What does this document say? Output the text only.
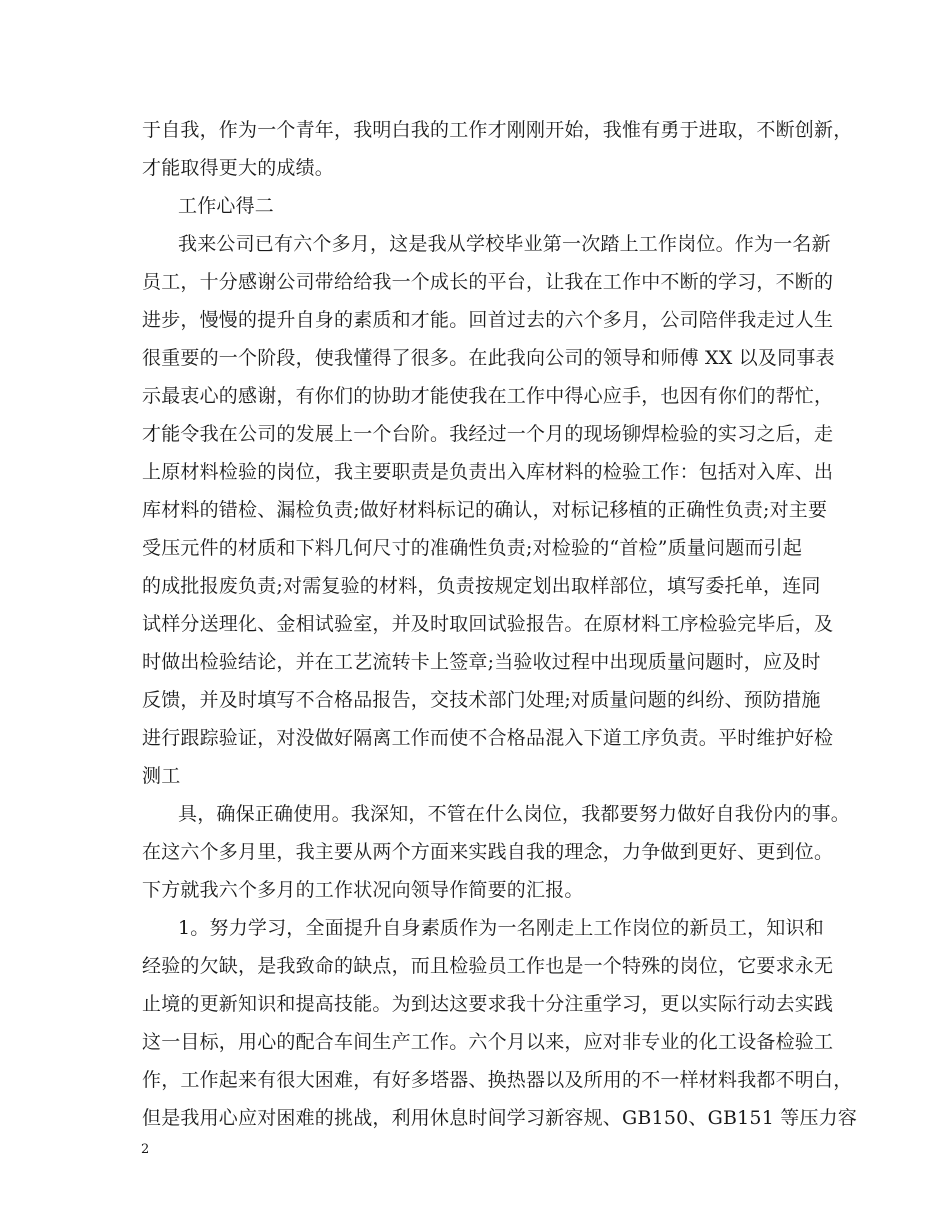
于自我，作为一个青年，我明白我的工作才刚刚开始，我惟有勇于进取，不断创新，
才能取得更大的成绩。
工作心得二
我来公司已有六个多月，这是我从学校毕业第一次踏上工作岗位。作为一名新
员工，十分感谢公司带给给我一个成长的平台，让我在工作中不断的学习，不断的
进步，慢慢的提升自身的素质和才能。回首过去的六个多月，公司陪伴我走过人生
很重要的一个阶段，使我懂得了很多。在此我向公司的领导和师傅 XX 以及同事表
示最衷心的感谢，有你们的协助才能使我在工作中得心应手，也因有你们的帮忙，
才能令我在公司的发展上一个台阶。我经过一个月的现场铆焊检验的实习之后，走
上原材料检验的岗位，我主要职责是负责出入库材料的检验工作：包括对入库、出
库材料的错检、漏检负责;做好材料标记的确认，对标记移植的正确性负责;对主要
受压元件的材质和下料几何尺寸的准确性负责;对检验的“首检”质量问题而引起
的成批报废负责;对需复验的材料，负责按规定划出取样部位，填写委托单，连同
试样分送理化、金相试验室，并及时取回试验报告。在原材料工序检验完毕后，及
时做出检验结论，并在工艺流转卡上签章;当验收过程中出现质量问题时，应及时
反馈，并及时填写不合格品报告，交技术部门处理;对质量问题的纠纷、预防措施
进行跟踪验证，对没做好隔离工作而使不合格品混入下道工序负责。平时维护好检
测工
具，确保正确使用。我深知，不管在什么岗位，我都要努力做好自我份内的事。
在这六个多月里，我主要从两个方面来实践自我的理念，力争做到更好、更到位。
下方就我六个多月的工作状况向领导作简要的汇报。
1。努力学习，全面提升自身素质作为一名刚走上工作岗位的新员工，知识和
经验的欠缺，是我致命的缺点，而且检验员工作也是一个特殊的岗位，它要求永无
止境的更新知识和提高技能。为到达这要求我十分注重学习，更以实际行动去实践
这一目标，用心的配合车间生产工作。六个月以来，应对非专业的化工设备检验工
作，工作起来有很大困难，有好多塔器、换热器以及所用的不一样材料我都不明白，
但是我用心应对困难的挑战，利用休息时间学习新容规、GB150、GB151 等压力容
2
